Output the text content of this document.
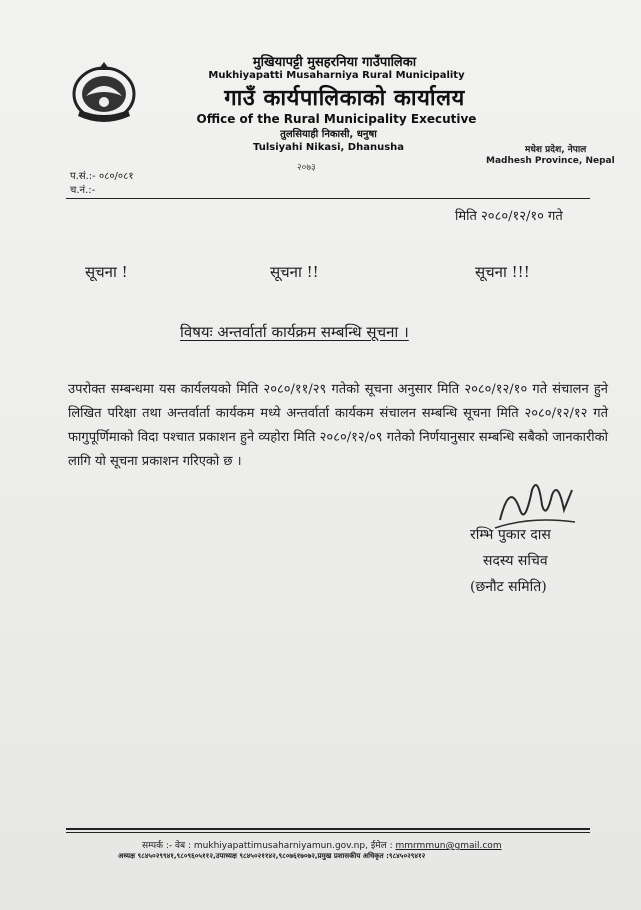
मुखियापट्टी मुसहरनिया गाउँपालिका
Mukhiyapatti Musaharniya Rural Municipality
गाउँ कार्यपालिकाको कार्यालय
Office of the Rural Municipality Executive
तुलसियाही निकासी, धनुषा
Tulsiyahi Nikasi, Dhanusha
२०७३
मधेश प्रदेश, नेपाल
Madhesh Province, Nepal
प.सं.:- ०८०/०८१
च.नं.:-
मिति २०८०/१२/१० गते
सूचना !	सूचना !!	सूचना !!!
विषयः अन्तर्वार्ता कार्यक्रम सम्बन्धि सूचना ।
उपरोक्त सम्बन्धमा यस कार्यलयको मिति २०८०/११/२९ गतेको सूचना अनुसार मिति २०८०/१२/१० गते संचालन हुने लिखित परिक्षा तथा अन्तर्वार्ता कार्यकम मध्ये अन्तर्वार्ता कार्यकम संचालन सम्बन्धि सूचना मिति २०८०/१२/१२ गते फागुपूर्णिमाको विदा पश्चात प्रकाशन हुने व्यहोरा मिति २०८०/१२/०९ गतेको निर्णयानुसार सम्बन्धि सबैको जानकारीको लागि यो सूचना प्रकाशन गरिएको छ ।
रम्भि पुकार दास
सदस्य सचिव
(छनौट समिति)
सम्पर्क :- वेब : mukhiyapattimusaharniyamun.gov.np, ईमेल : mmrmmun@gmail.com
अध्यक्ष ९८४५०२९९४१,९८०९६०५११२,उपाध्यक्ष ९८४५०२११४२,९८०७६१७०७२,प्रमुख प्रशासकीय अधिकृत :९८४५०२९४१२
